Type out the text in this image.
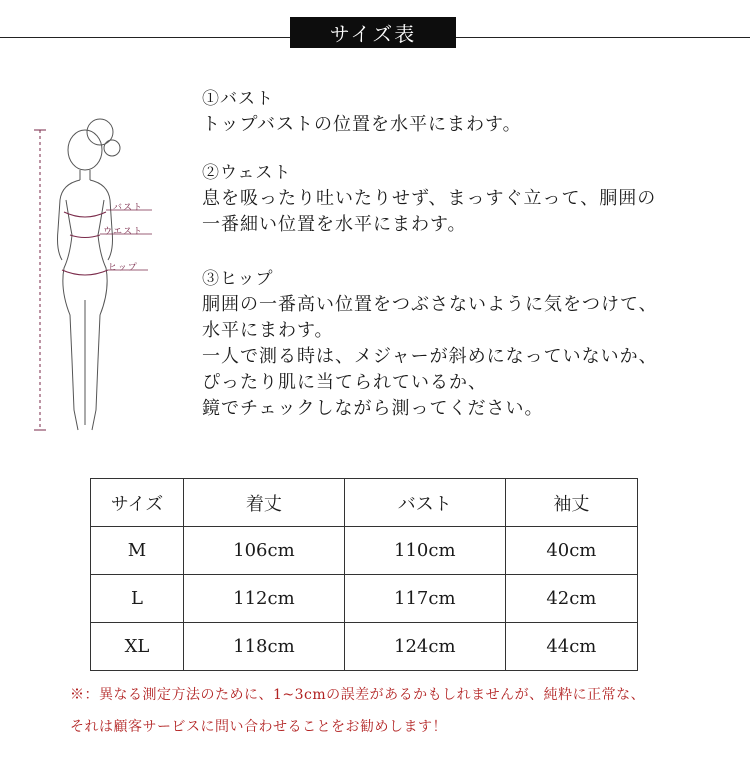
サイズ表
バスト
ウエスト
ヒップ
①バスト
トップバストの位置を水平にまわす。
②ウェスト
息を吸ったり吐いたりせず、まっすぐ立って、胴囲の
一番細い位置を水平にまわす。
③ヒップ
胴囲の一番高い位置をつぶさないように気をつけて、
水平にまわす。
一人で測る時は、メジャーが斜めになっていないか、
ぴったり肌に当てられているか、
鏡でチェックしながら測ってください。
サイズ	着丈	バスト	袖丈
M	106cm	110cm	40cm
L	112cm	117cm	42cm
XL	118cm	124cm	44cm
※：異なる測定方法のために、1~3cmの誤差があるかもしれませんが、純粋に正常な、
それは顧客サービスに問い合わせることをお勧めします！
